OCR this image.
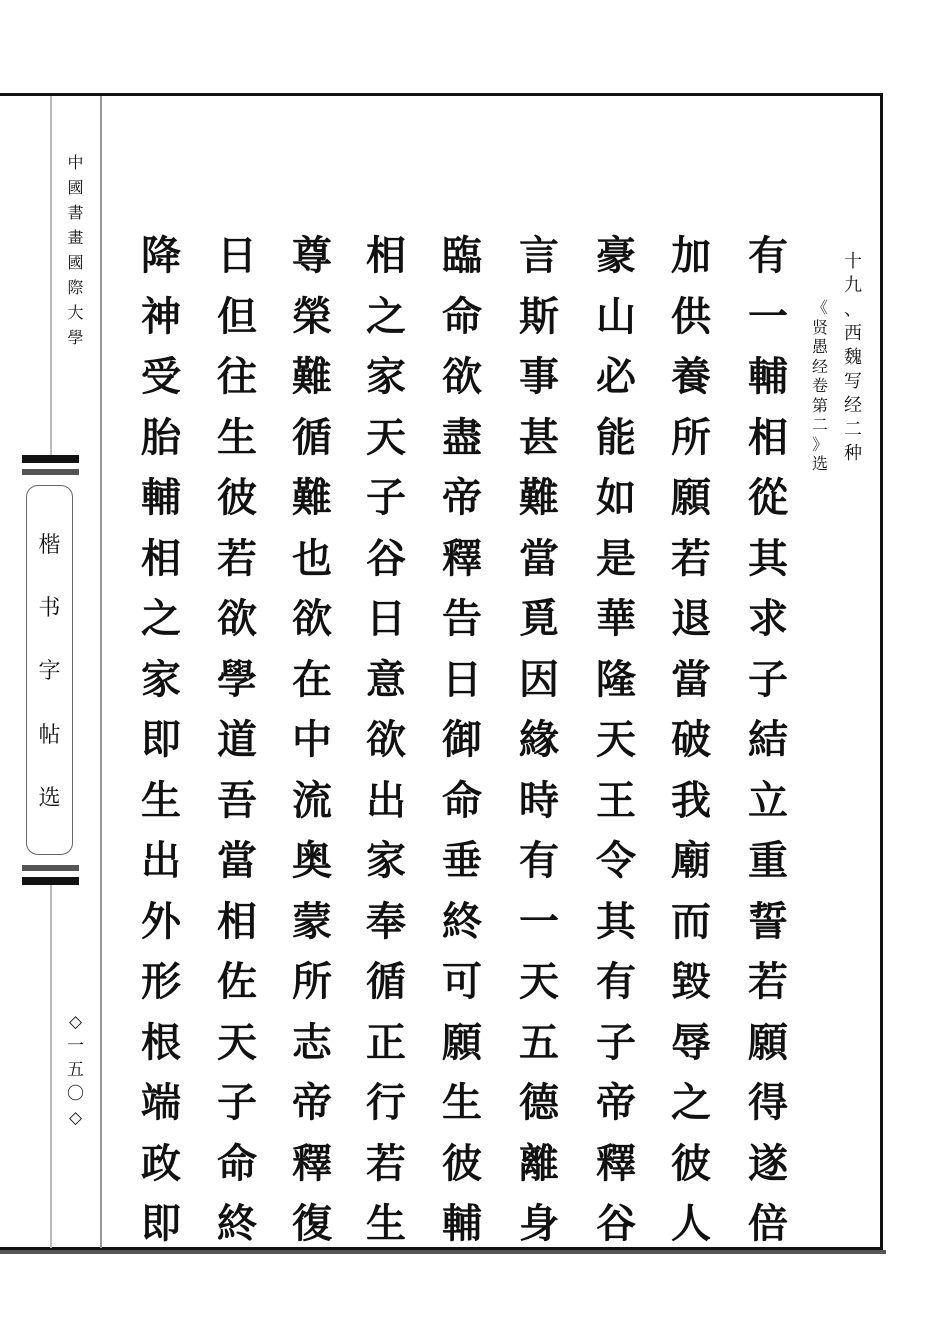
中
國
書
畫
國
際
大
學
楷
书
字
帖
选
◇
一
五
〇
◇
十
九
、
西
魏
写
经
二
种
《
贤
愚
经
卷
第
二
》
选
有
一
輔
相
從
其
求
子
結
立
重
誓
若
願
得
遂
倍
加
供
養
所
願
若
退
當
破
我
廟
而
毀
辱
之
彼
人
豪
山
必
能
如
是
華
隆
天
王
令
其
有
子
帝
釋
谷
言
斯
事
甚
難
當
覓
因
緣
時
有
一
天
五
德
離
身
臨
命
欲
盡
帝
釋
告
日
御
命
垂
終
可
願
生
彼
輔
相
之
家
天
子
谷
日
意
欲
出
家
奉
循
正
行
若
生
尊
榮
難
循
難
也
欲
在
中
流
奥
蒙
所
志
帝
釋
復
日
但
往
生
彼
若
欲
學
道
吾
當
相
佐
天
子
命
終
降
神
受
胎
輔
相
之
家
即
生
出
外
形
根
端
政
即
